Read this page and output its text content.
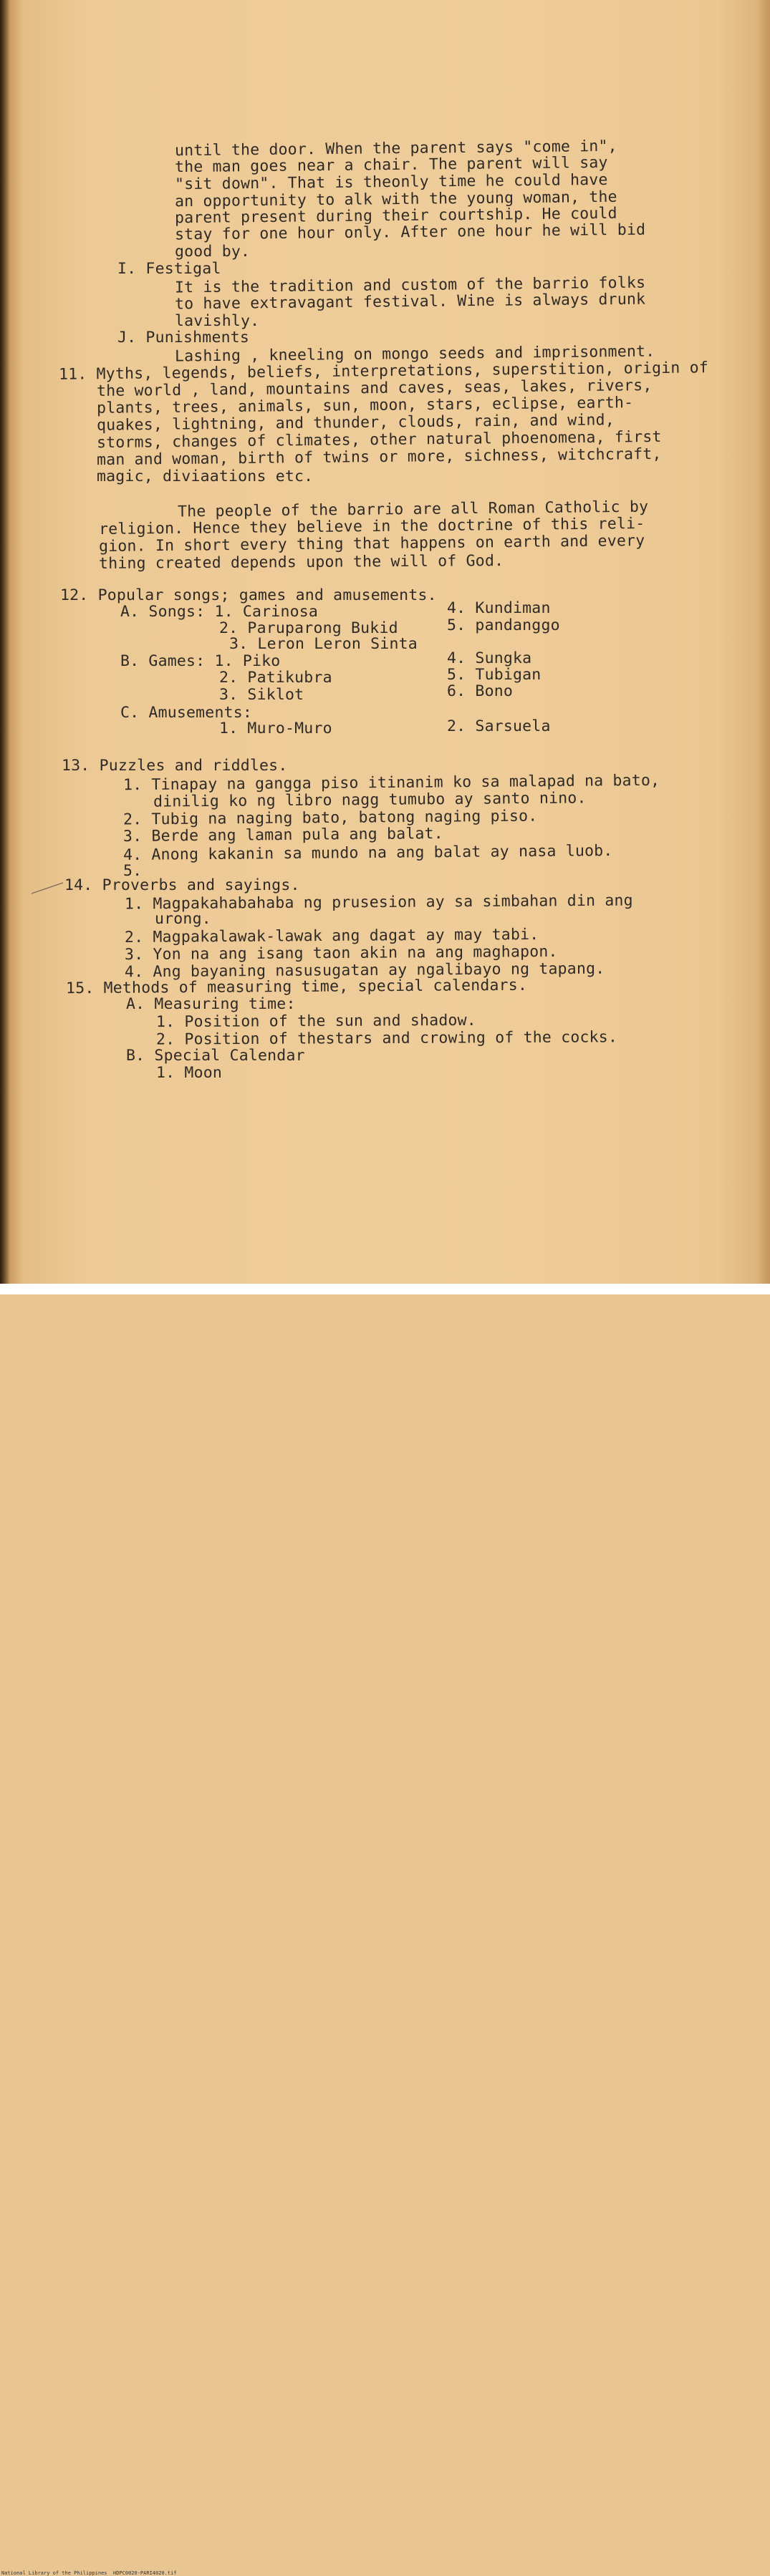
until the door. When the parent says "come in",
the man goes near a chair. The parent will say
"sit down". That is theonly time he could have
an opportunity to alk with the young woman, the
parent present during their courtship. He could
stay for one hour only. After one hour he will bid
good by.
I. Festigal
It is the tradition and custom of the barrio folks
to have extravagant festival. Wine is always drunk
lavishly.
J. Punishments
Lashing , kneeling on mongo seeds and imprisonment.
11. Myths, legends, beliefs, interpretations, superstition, origin of
the world , land, mountains and caves, seas, lakes, rivers,
plants, trees, animals, sun, moon, stars, eclipse, earth-
quakes, lightning, and thunder, clouds, rain, and wind,
storms, changes of climates, other natural phoenomena, first
man and woman, birth of twins or more, sichness, witchcraft,
magic, diviaations etc.
The people of the barrio are all Roman Catholic by
religion. Hence they believe in the doctrine of this reli-
gion. In short every thing that happens on earth and every
thing created depends upon the will of God.
12. Popular songs; games and amusements.
A. Songs: 1. Carinosa	4. Kundiman
2. Paruparong Bukid	5. pandanggo
3. Leron Leron Sinta
B. Games: 1. Piko	4. Sungka
2. Patikubra	5. Tubigan
3. Siklot	6. Bono
C. Amusements:
1. Muro-Muro	2. Sarsuela
13. Puzzles and riddles.
1. Tinapay na gangga piso itinanim ko sa malapad na bato,
dinilig ko ng libro nagg tumubo ay santo nino.
2. Tubig na naging bato, batong naging piso.
3. Berde ang laman pula ang balat.
4. Anong kakanin sa mundo na ang balat ay nasa luob.
5.
14. Proverbs and sayings.
1. Magpakahabahaba ng prusesion ay sa simbahan din ang
urong.
2. Magpakalawak-lawak ang dagat ay may tabi.
3. Yon na ang isang taon akin na ang maghapon.
4. Ang bayaning nasusugatan ay ngalibayo ng tapang.
15. Methods of measuring time, special calendars.
A. Measuring time:
1. Position of the sun and shadow.
2. Position of thestars and crowing of the cocks.
B. Special Calendar
1. Moon
National Library of the Philippines HDPC0020-PARI4020.tif
